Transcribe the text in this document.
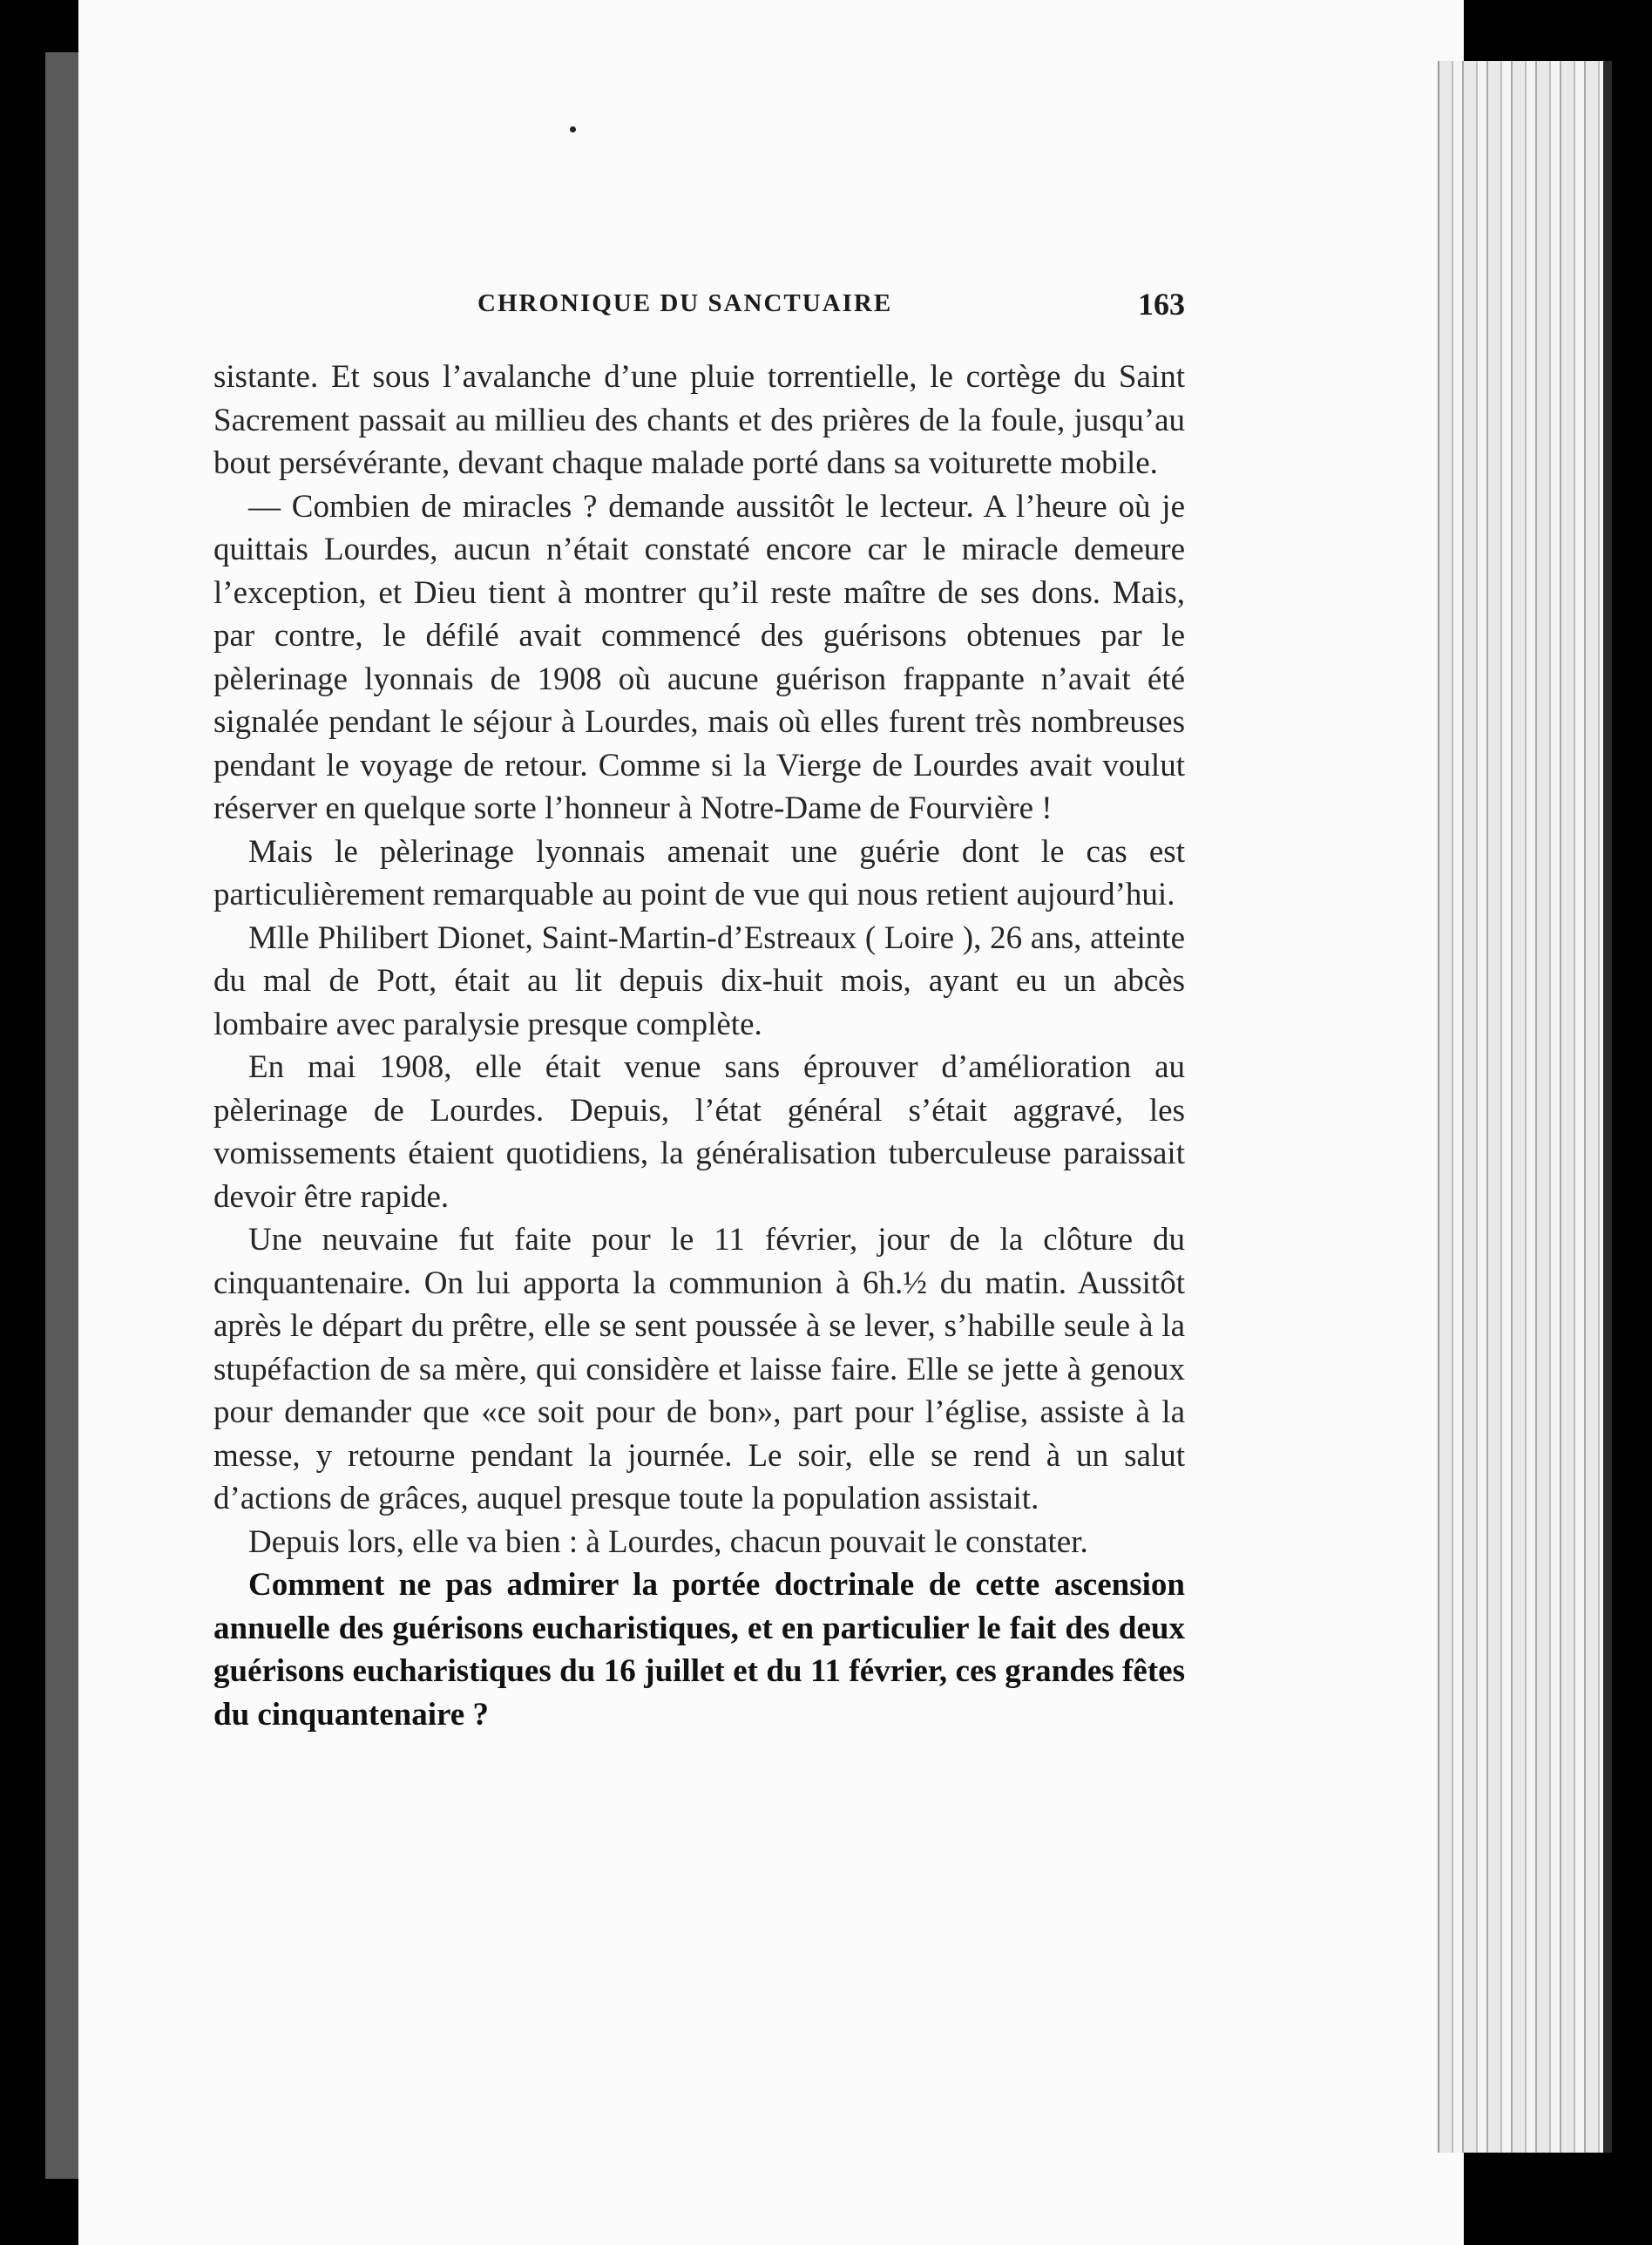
CHRONIQUE DU SANCTUAIRE	163

sistante. Et sous l’avalanche d’une pluie torrentielle, le cortège du Saint Sacrement passait au millieu des chants et des prières de la foule, jusqu’au bout persévérante, devant chaque malade porté dans sa voiturette mobile.

— Combien de miracles ? demande aussitôt le lecteur. A l’heure où je quittais Lourdes, aucun n’était constaté encore car le miracle demeure l’exception, et Dieu tient à montrer qu’il reste maître de ses dons. Mais, par contre, le défilé avait commencé des guérisons obtenues par le pèlerinage lyonnais de 1908 où aucune guérison frappante n’avait été signalée pendant le séjour à Lourdes, mais où elles furent très nombreuses pendant le voyage de retour. Comme si la Vierge de Lourdes avait voulut réserver en quelque sorte l’honneur à Notre-Dame de Fourvière !

Mais le pèlerinage lyonnais amenait une guérie dont le cas est particulièrement remarquable au point de vue qui nous retient aujourd’hui.

Mlle Philibert Dionet, Saint-Martin-d’Estreaux ( Loire ), 26 ans, atteinte du mal de Pott, était au lit depuis dix-huit mois, ayant eu un abcès lombaire avec paralysie presque complète.

En mai 1908, elle était venue sans éprouver d’amélioration au pèlerinage de Lourdes. Depuis, l’état général s’était aggravé, les vomissements étaient quotidiens, la généralisation tuberculeuse paraissait devoir être rapide.

Une neuvaine fut faite pour le 11 février, jour de la clôture du cinquantenaire. On lui apporta la communion à 6h.½ du matin. Aussitôt après le départ du prêtre, elle se sent poussée à se lever, s’habille seule à la stupéfaction de sa mère, qui considère et laisse faire. Elle se jette à genoux pour demander que «ce soit pour de bon», part pour l’église, assiste à la messe, y retourne pendant la journée. Le soir, elle se rend à un salut d’actions de grâces, auquel presque toute la population assistait.

Depuis lors, elle va bien : à Lourdes, chacun pouvait le constater.

Comment ne pas admirer la portée doctrinale de cette ascension annuelle des guérisons eucharistiques, et en particulier le fait des deux guérisons eucharistiques du 16 juillet et du 11 février, ces grandes fêtes du cinquantenaire ?
